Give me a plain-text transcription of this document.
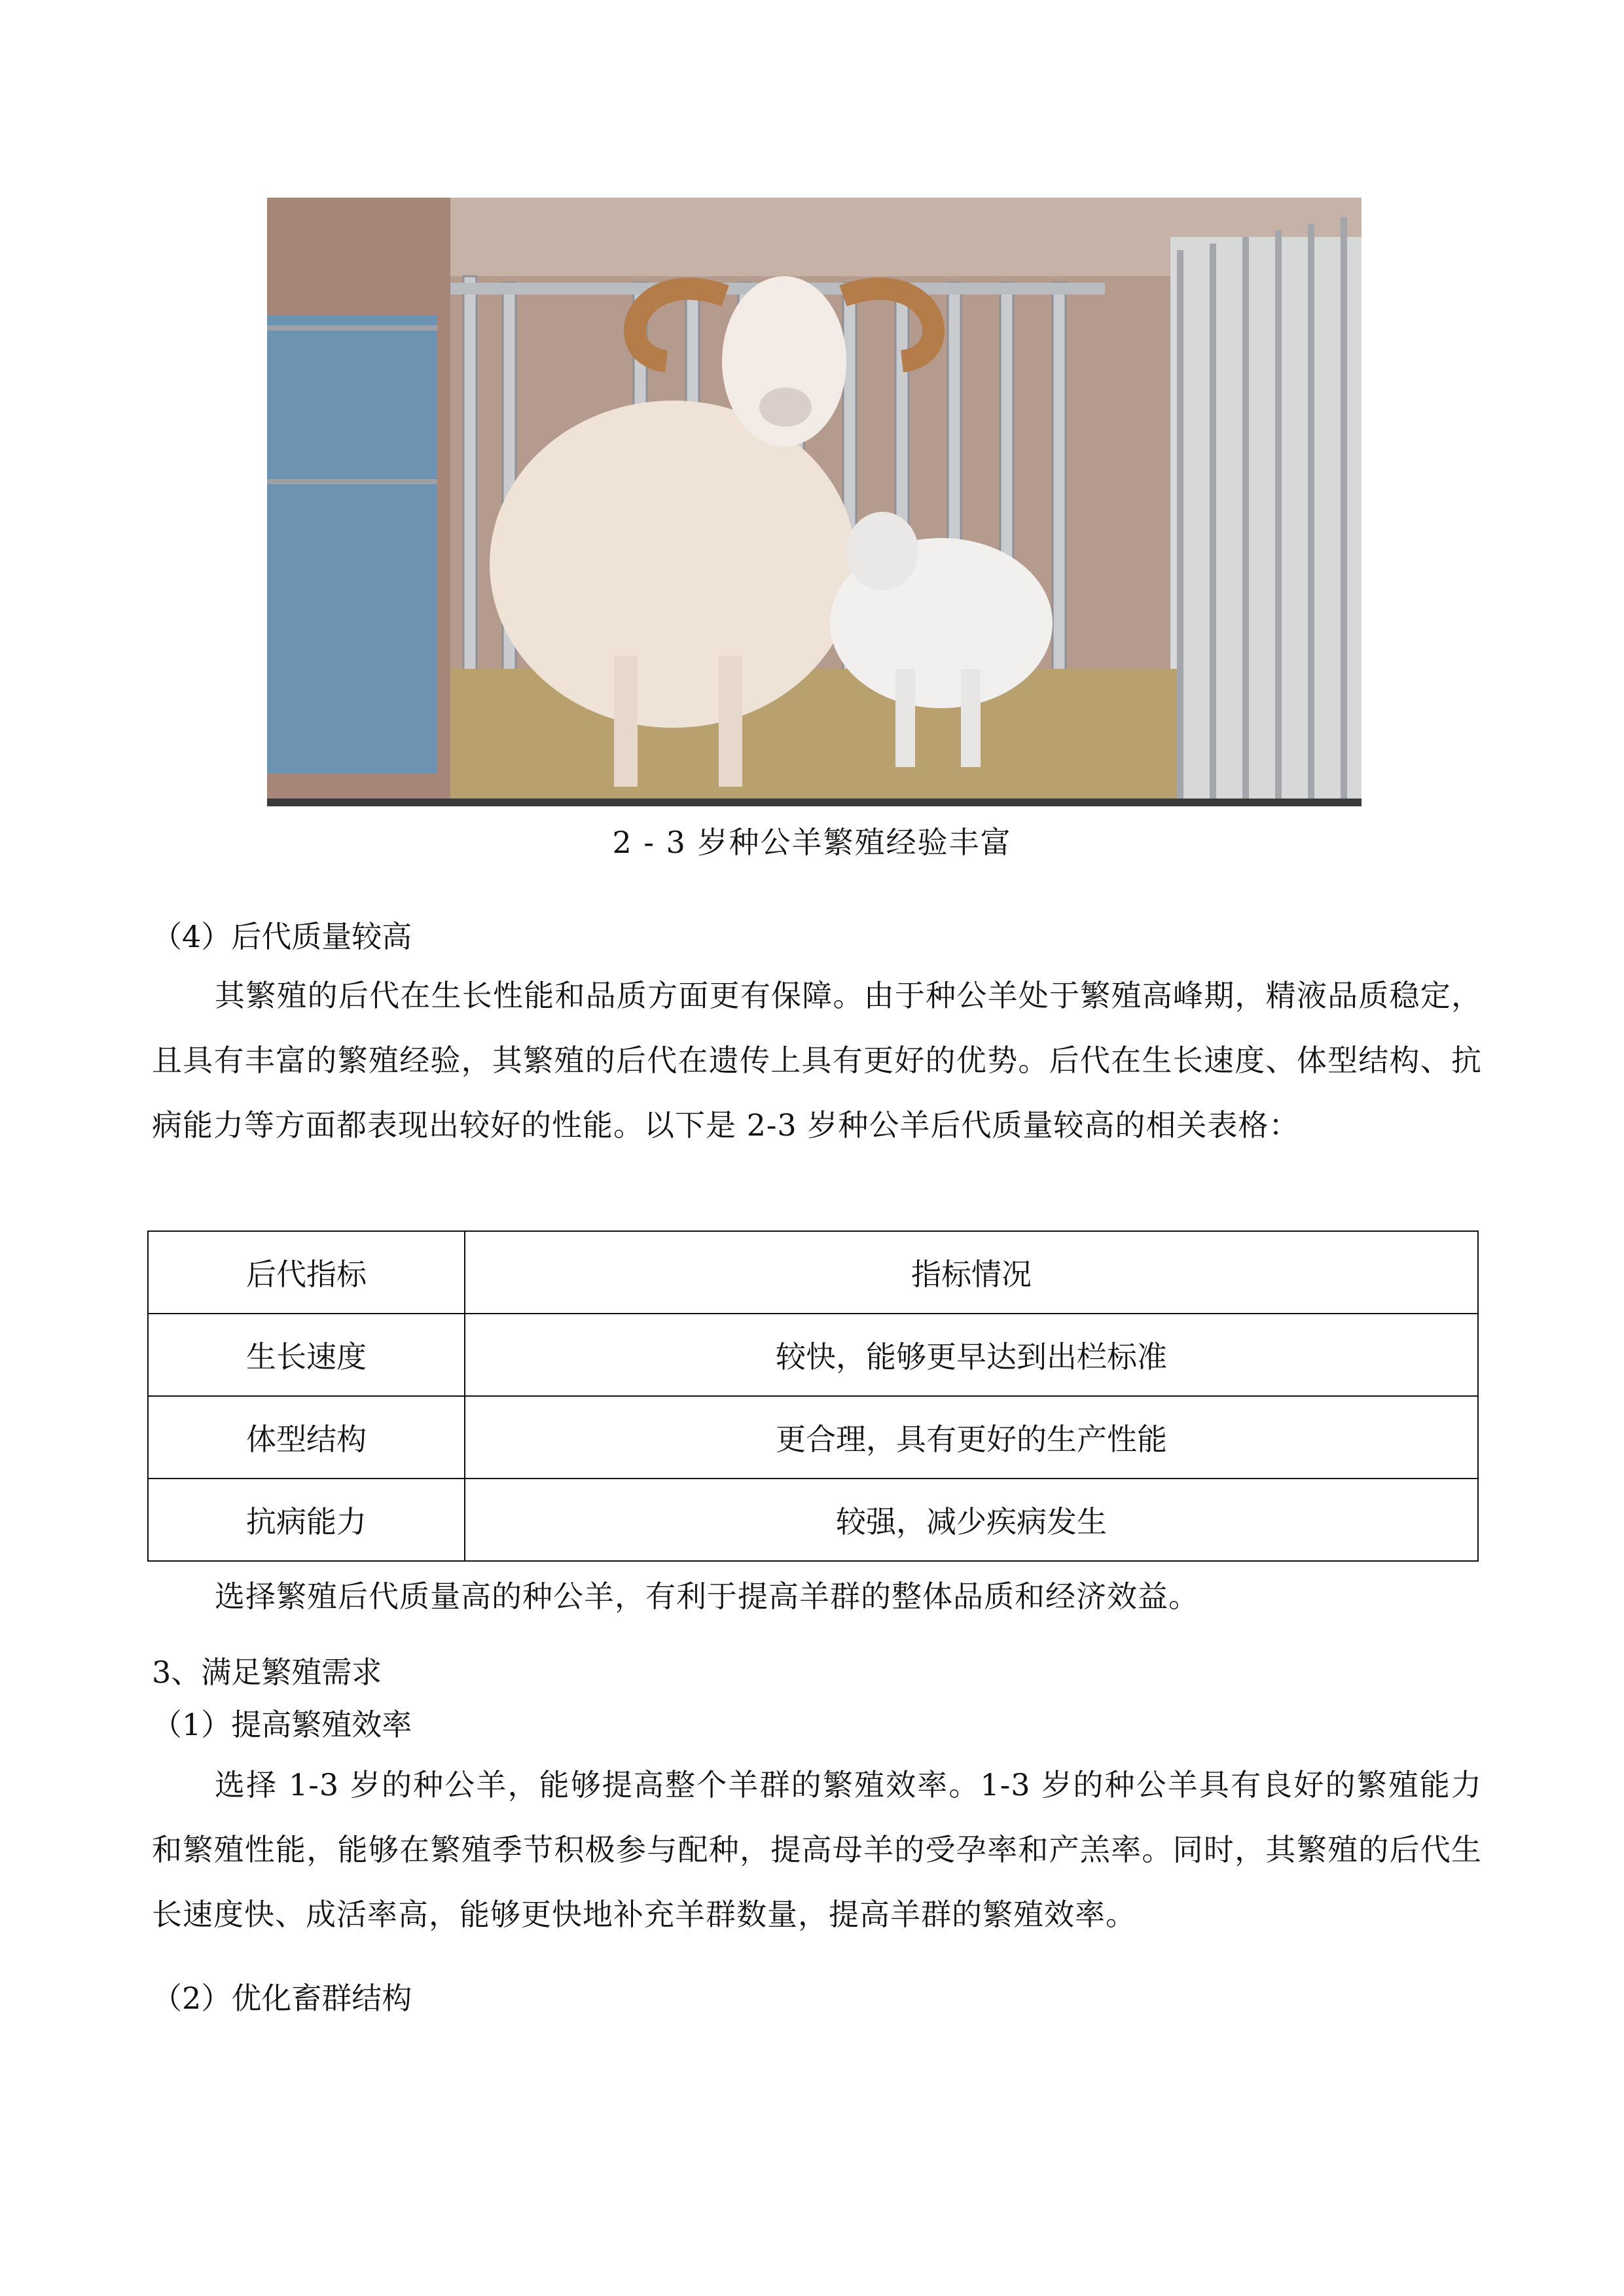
2 - 3 岁种公羊繁殖经验丰富
（4）后代质量较高
其繁殖的后代在生长性能和品质方面更有保障。由于种公羊处于繁殖高峰期，精液品质稳定，且具有丰富的繁殖经验，其繁殖的后代在遗传上具有更好的优势。后代在生长速度、体型结构、抗病能力等方面都表现出较好的性能。以下是 2-3 岁种公羊后代质量较高的相关表格：
后代指标	指标情况
生长速度	较快，能够更早达到出栏标准
体型结构	更合理，具有更好的生产性能
抗病能力	较强，减少疾病发生
选择繁殖后代质量高的种公羊，有利于提高羊群的整体品质和经济效益。
3、满足繁殖需求
（1）提高繁殖效率
选择 1-3 岁的种公羊，能够提高整个羊群的繁殖效率。1-3 岁的种公羊具有良好的繁殖能力和繁殖性能，能够在繁殖季节积极参与配种，提高母羊的受孕率和产羔率。同时，其繁殖的后代生长速度快、成活率高，能够更快地补充羊群数量，提高羊群的繁殖效率。
（2）优化畜群结构
